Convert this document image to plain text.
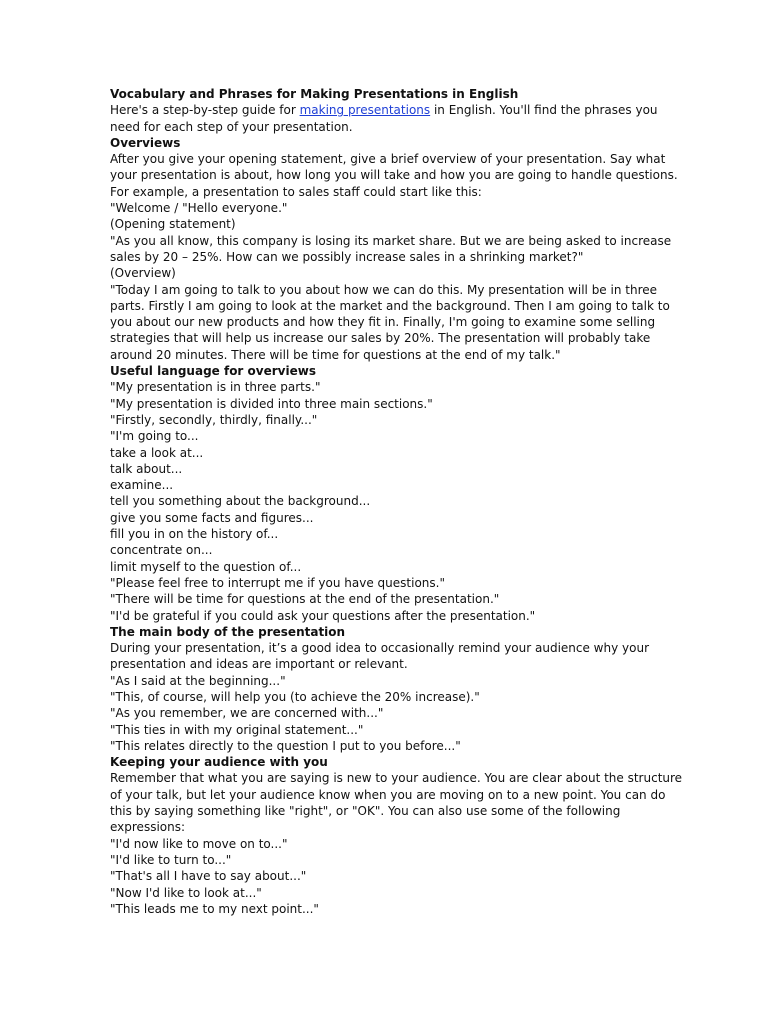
Vocabulary and Phrases for Making Presentations in English
Here's a step-by-step guide for making presentations in English. You'll find the phrases you
need for each step of your presentation.
Overviews
After you give your opening statement, give a brief overview of your presentation. Say what
your presentation is about, how long you will take and how you are going to handle questions.
For example, a presentation to sales staff could start like this:
"Welcome / "Hello everyone."
(Opening statement)
"As you all know, this company is losing its market share. But we are being asked to increase
sales by 20 – 25%. How can we possibly increase sales in a shrinking market?"
(Overview)
"Today I am going to talk to you about how we can do this. My presentation will be in three
parts. Firstly I am going to look at the market and the background. Then I am going to talk to
you about our new products and how they fit in. Finally, I'm going to examine some selling
strategies that will help us increase our sales by 20%. The presentation will probably take
around 20 minutes. There will be time for questions at the end of my talk."
Useful language for overviews
"My presentation is in three parts."
"My presentation is divided into three main sections."
"Firstly, secondly, thirdly, finally..."
"I'm going to...
take a look at...
talk about...
examine...
tell you something about the background...
give you some facts and figures...
fill you in on the history of...
concentrate on...
limit myself to the question of...
"Please feel free to interrupt me if you have questions."
"There will be time for questions at the end of the presentation."
"I'd be grateful if you could ask your questions after the presentation."
The main body of the presentation
During your presentation, it’s a good idea to occasionally remind your audience why your
presentation and ideas are important or relevant.
"As I said at the beginning..."
"This, of course, will help you (to achieve the 20% increase)."
"As you remember, we are concerned with..."
"This ties in with my original statement..."
"This relates directly to the question I put to you before..."
Keeping your audience with you
Remember that what you are saying is new to your audience. You are clear about the structure
of your talk, but let your audience know when you are moving on to a new point. You can do
this by saying something like "right", or "OK". You can also use some of the following
expressions:
"I'd now like to move on to..."
"I'd like to turn to..."
"That's all I have to say about..."
"Now I'd like to look at..."
"This leads me to my next point..."
